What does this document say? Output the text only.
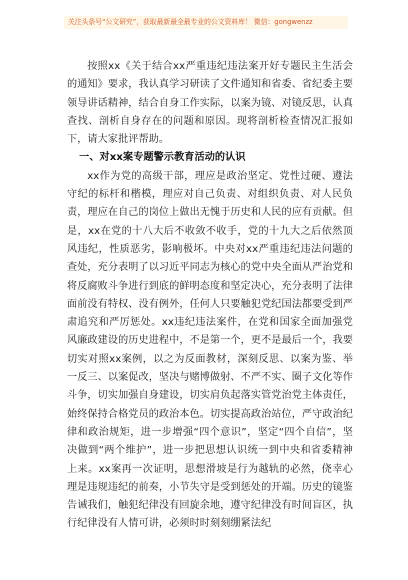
关注头条号“公文研究”，获取最新最全最专业的公文资料库！ 微信：gongwenzz

按照xx《关于结合xx严重违纪违法案开好专题民主生活会的通知》要求，我认真学习研读了文件通知和省委、省纪委主要领导讲话精神，结合自身工作实际，以案为镜、对镜反思，认真查找、剖析自身存在的问题和原因。现将剖析检查情况汇报如下，请大家批评帮助。

一、对xx案专题警示教育活动的认识

xx作为党的高级干部，理应是政治坚定、党性过硬、遵法守纪的标杆和楷模，理应对自己负责、对组织负责、对人民负责，理应在自己的岗位上做出无愧于历史和人民的应有贡献。但是，xx在党的十八大后不收敛不收手，党的十九大之后依然顶风违纪，性质恶劣，影响极坏。中央对xx严重违纪违法问题的查处，充分表明了以习近平同志为核心的党中央全面从严治党和将反腐败斗争进行到底的鲜明态度和坚定决心，充分表明了法律面前没有特权、没有例外，任何人只要触犯党纪国法都要受到严肃追究和严厉惩处。xx违纪违法案件，在党和国家全面加强党风廉政建设的历史进程中，不是第一个，更不是最后一个，我要切实对照xx案例，以之为反面教材，深刻反思、以案为鉴、举一反三、以案促改，坚决与赌博做射、不严不实、圈子文化等作斗争，切实加强自身建设，切实肩负起落实管党治党主体责任，始终保持合格党员的政治本色。切实提高政治站位，严守政治纪律和政治规矩，进一步增强“四个意识”，坚定“四个自信”，坚决做到“两个维护”，进一步把思想认识统一到中央和省委精神上来。xx案再一次证明，思想滑坡是行为越轨的必然，侥幸心理是违规违纪的前奏，小节失守是受到惩处的开端。历史的镜鉴告诫我们，触犯纪律没有回旋余地，遵守纪律没有时间盲区，执行纪律没有人情可讲，必须时时刻刻绷紧法纪
